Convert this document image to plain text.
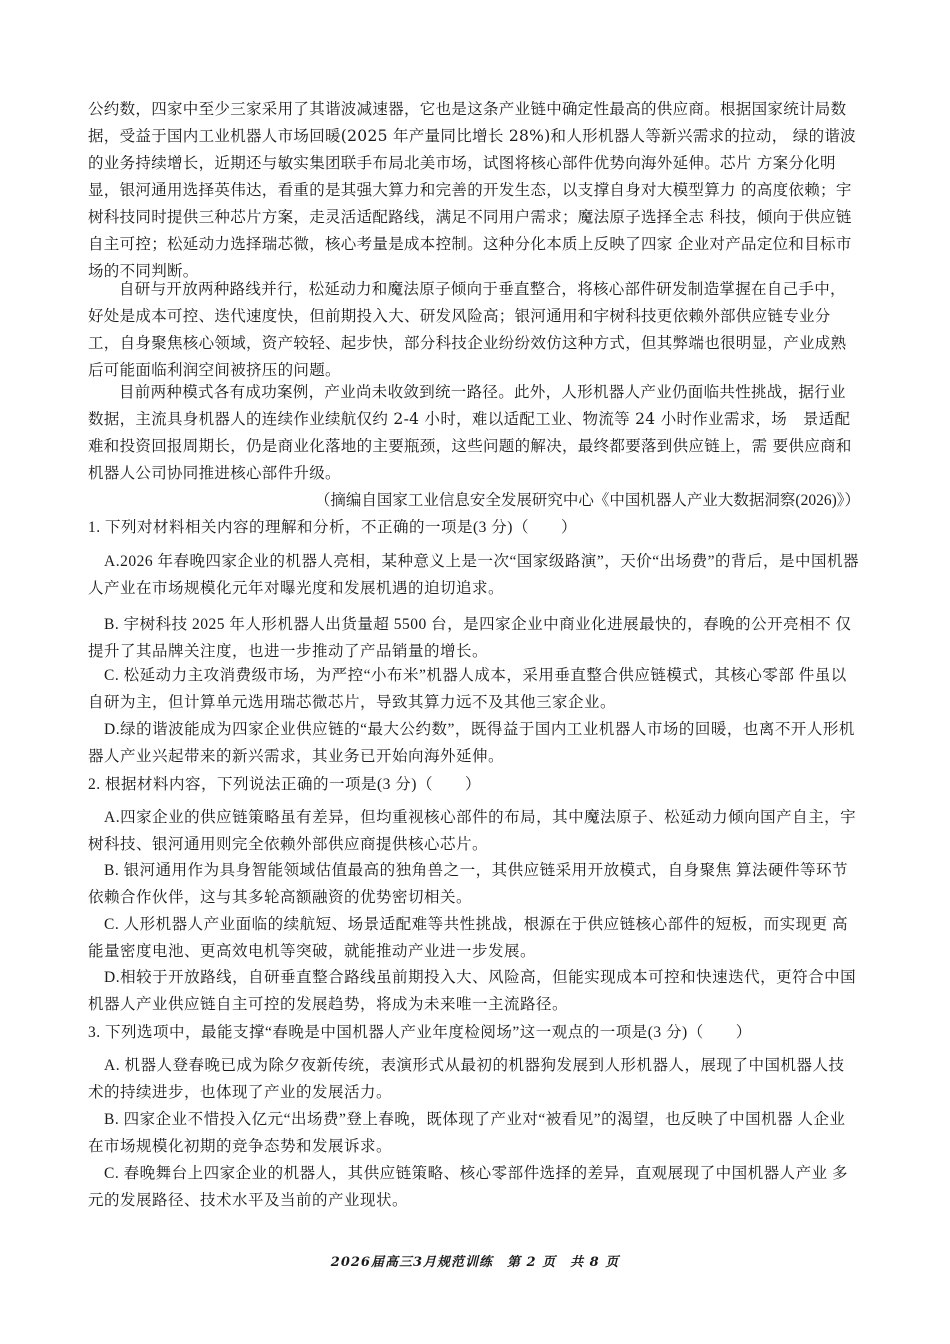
公约数，四家中至少三家采用了其谐波减速器，它也是这条产业链中确定性最高的供应商。根据国家统计局数据，受益于国内工业机器人市场回暖(2025 年产量同比增长 28%)和人形机器人等新兴需求的拉动， 绿的谐波的业务持续增长，近期还与敏实集团联手布局北美市场，试图将核心部件优势向海外延伸。芯片 方案分化明显，银河通用选择英伟达，看重的是其强大算力和完善的开发生态，以支撑自身对大模型算力 的高度依赖；宇树科技同时提供三种芯片方案，走灵活适配路线，满足不同用户需求；魔法原子选择全志 科技，倾向于供应链自主可控；松延动力选择瑞芯微，核心考量是成本控制。这种分化本质上反映了四家 企业对产品定位和目标市场的不同判断。

自研与开放两种路线并行，松延动力和魔法原子倾向于垂直整合，将核心部件研发制造掌握在自己手中，好处是成本可控、迭代速度快，但前期投入大、研发风险高；银河通用和宇树科技更依赖外部供应链专业分工，自身聚焦核心领域，资产较轻、起步快，部分科技企业纷纷效仿这种方式，但其弊端也很明显，产业成熟后可能面临利润空间被挤压的问题。

目前两种模式各有成功案例，产业尚未收敛到统一路径。此外，人形机器人产业仍面临共性挑战，据行业数据，主流具身机器人的连续作业续航仅约 2-4 小时，难以适配工业、物流等 24 小时作业需求，场　景适配难和投资回报周期长，仍是商业化落地的主要瓶颈，这些问题的解决，最终都要落到供应链上，需 要供应商和机器人公司协同推进核心部件升级。

（摘编自国家工业信息安全发展研究中心《中国机器人产业大数据洞察(2026)》）

1. 下列对材料相关内容的理解和分析，不正确的一项是(3 分)（　　）

A.2026 年春晚四家企业的机器人亮相，某种意义上是一次“国家级路演”，天价“出场费”的背后，是中国机器人产业在市场规模化元年对曝光度和发展机遇的迫切追求。

B. 宇树科技 2025 年人形机器人出货量超 5500 台，是四家企业中商业化进展最快的，春晚的公开亮相不 仅提升了其品牌关注度，也进一步推动了产品销量的增长。

C. 松延动力主攻消费级市场，为严控“小布米”机器人成本，采用垂直整合供应链模式，其核心零部 件虽以自研为主，但计算单元选用瑞芯微芯片，导致其算力远不及其他三家企业。

D.绿的谐波能成为四家企业供应链的“最大公约数”，既得益于国内工业机器人市场的回暖，也离不开人形机器人产业兴起带来的新兴需求，其业务已开始向海外延伸。

2. 根据材料内容，下列说法正确的一项是(3 分)（　　）

A.四家企业的供应链策略虽有差异，但均重视核心部件的布局，其中魔法原子、松延动力倾向国产自主，宇树科技、银河通用则完全依赖外部供应商提供核心芯片。

B. 银河通用作为具身智能领域估值最高的独角兽之一，其供应链采用开放模式，自身聚焦 算法硬件等环节依赖合作伙伴，这与其多轮高额融资的优势密切相关。

C. 人形机器人产业面临的续航短、场景适配难等共性挑战，根源在于供应链核心部件的短板，而实现更 高能量密度电池、更高效电机等突破，就能推动产业进一步发展。

D.相较于开放路线，自研垂直整合路线虽前期投入大、风险高，但能实现成本可控和快速迭代，更符合中国机器人产业供应链自主可控的发展趋势，将成为未来唯一主流路径。

3. 下列选项中，最能支撑“春晚是中国机器人产业年度检阅场”这一观点的一项是(3 分)（　　）

A. 机器人登春晚已成为除夕夜新传统，表演形式从最初的机器狗发展到人形机器人，展现了中国机器人技术的持续进步，也体现了产业的发展活力。

B. 四家企业不惜投入亿元“出场费”登上春晚，既体现了产业对“被看见”的渴望，也反映了中国机器 人企业在市场规模化初期的竞争态势和发展诉求。

C. 春晚舞台上四家企业的机器人，其供应链策略、核心零部件选择的差异，直观展现了中国机器人产业 多元的发展路径、技术水平及当前的产业现状。

2026届高三3月规范训练　第 2 页　共 8 页
